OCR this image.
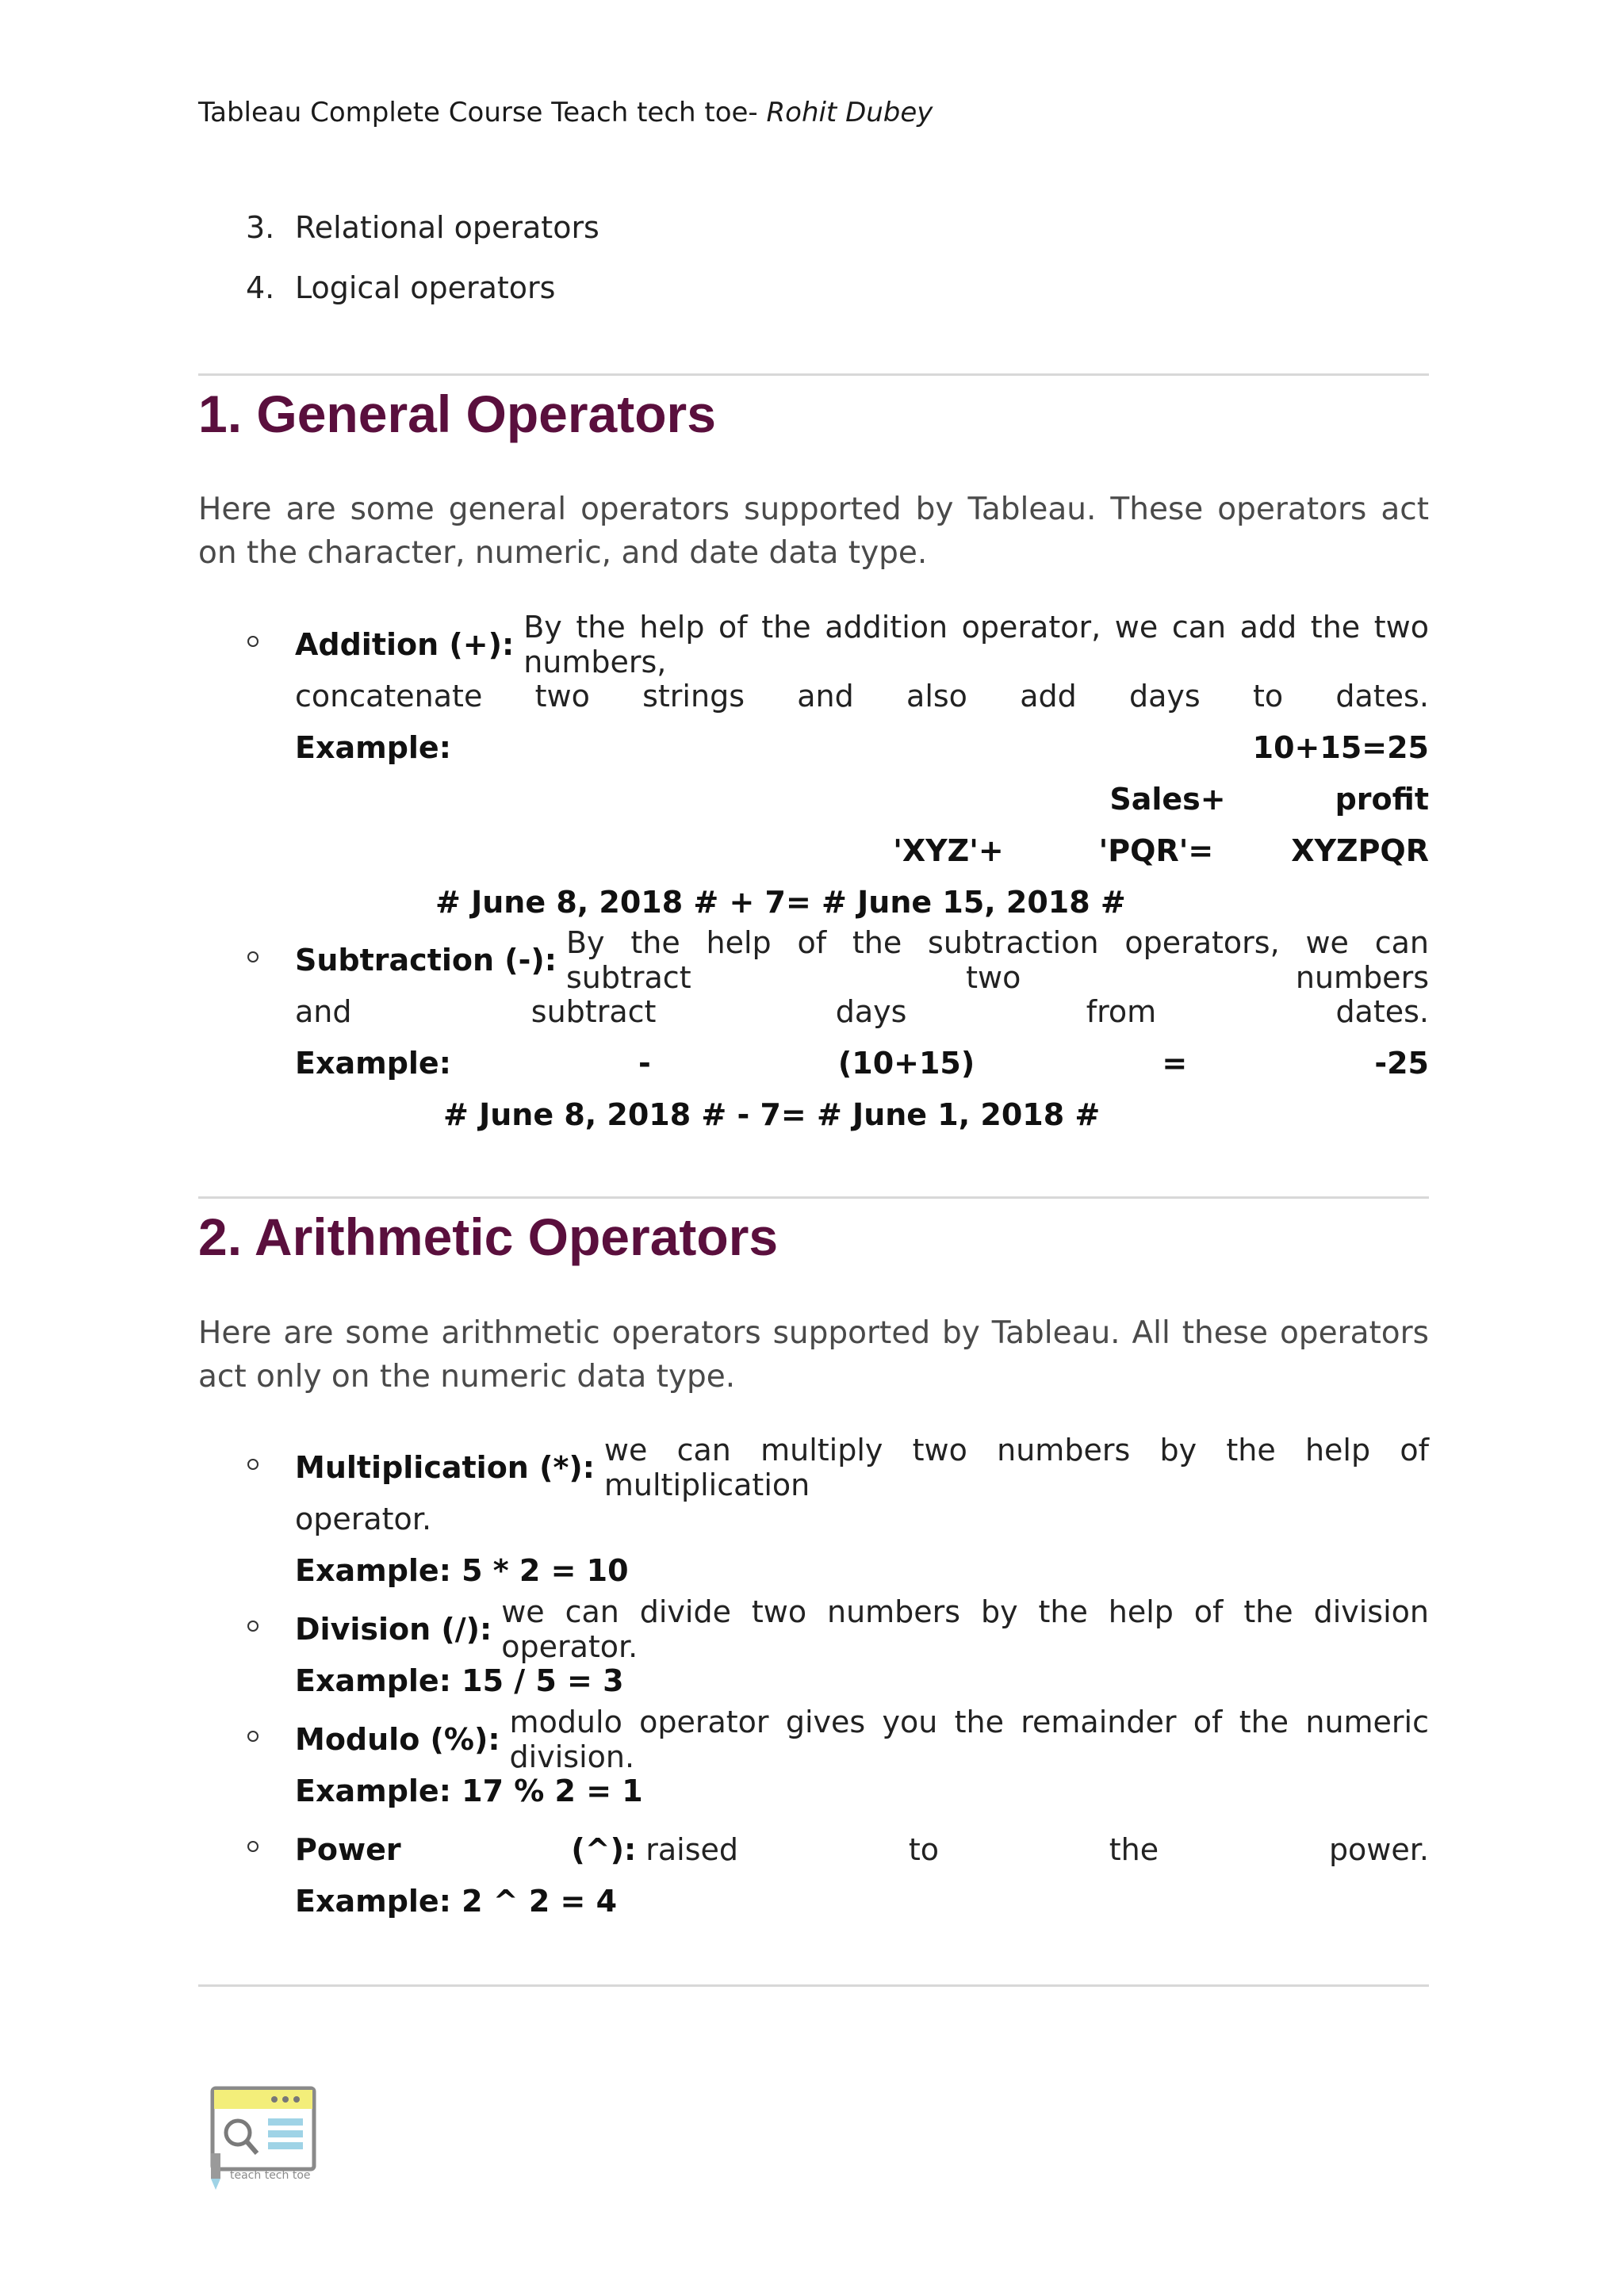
Tableau Complete Course Teach tech toe- Rohit Dubey
3. Relational operators
4. Logical operators
1. General Operators

Here are some general operators supported by Tableau. These operators act on the character, numeric, and date data type.

Addition (+): By the help of the addition operator, we can add the two numbers,
concatenate two strings and also add days to dates.
Example:	10+15=25
Sales+	profit
'XYZ'+	'PQR'=	XYZPQR
# June 8, 2018 # + 7= # June 15, 2018 #
Subtraction (-): By the help of the subtraction operators, we can subtract two numbers
and	subtract	days	from	dates.
Example:	-	(10+15)	=	-25
# June 8, 2018 # - 7= # June 1, 2018 #
2. Arithmetic Operators

Here are some arithmetic operators supported by Tableau. All these operators act only on the numeric data type.

Multiplication (*): we can multiply two numbers by the help of multiplication
operator.
Example: 5 * 2 = 10
Division (/): we can divide two numbers by the help of the division operator.
Example: 15 / 5 = 3
Modulo (%): modulo operator gives you the remainder of the numeric division.
Example: 17 % 2 = 1
Power	(^): raised	to	the	power.
Example: 2 ^ 2 = 4
teach tech toe
